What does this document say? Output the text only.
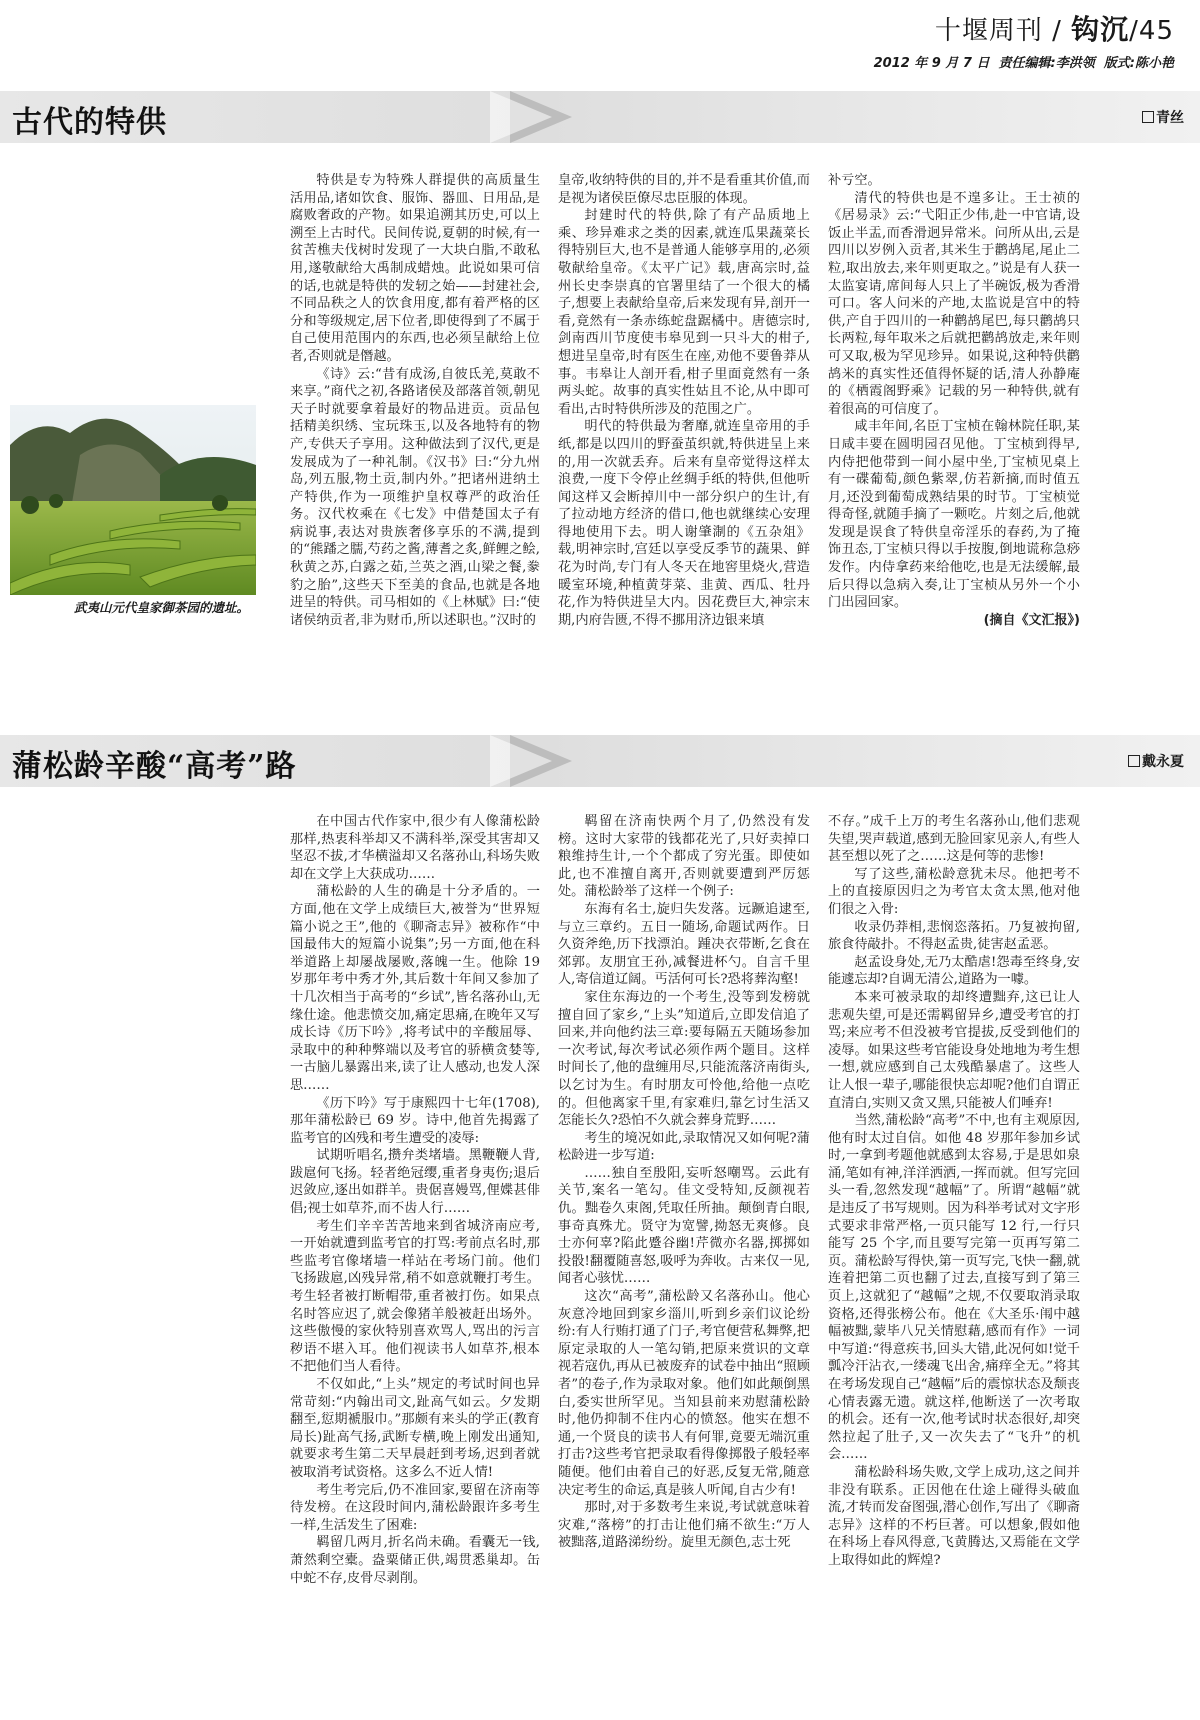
十堰周刊 / 钩沉/45
2012 年 9 月 7 日 责任编辑:李洪领 版式:陈小艳
古代的特供	青丝
武夷山元代皇家御茶园的遗址。

特供是专为特殊人群提供的高质量生活用品,诸如饮食、服饰、器皿、日用品,是腐败奢政的产物。如果追溯其历史,可以上溯至上古时代。民间传说,夏朝的时候,有一贫苦樵夫伐树时发现了一大块白脂,不敢私用,遂敬献给大禹制成蜡烛。此说如果可信的话,也就是特供的发轫之始——封建社会,不同品秩之人的饮食用度,都有着严格的区分和等级规定,居下位者,即使得到了不属于自己使用范围内的东西,也必须呈献给上位者,否则就是僭越。

《诗》云:“昔有成汤,自彼氐羌,莫敢不来享。”商代之初,各路诸侯及部落首领,朝见天子时就要拿着最好的物品进贡。贡品包括精美织绣、宝玩珠玉,以及各地特有的物产,专供天子享用。这种做法到了汉代,更是发展成为了一种礼制。《汉书》曰:“分九州岛,列五服,物土贡,制内外。”把诸州进纳土产特供,作为一项维护皇权尊严的政治任务。汉代枚乘在《七发》中借楚国太子有病说事,表达对贵族奢侈享乐的不满,提到的“熊蹯之臑,芍药之酱,薄耆之炙,鲜鲤之鲙,秋黄之苏,白露之茹,兰英之酒,山梁之餐,豢豹之胎”,这些天下至美的食品,也就是各地进呈的特供。司马相如的《上林赋》曰:“使诸侯纳贡者,非为财币,所以述职也。”汉时的

皇帝,收纳特供的目的,并不是看重其价值,而是视为诸侯臣僚尽忠臣服的体现。

封建时代的特供,除了有产品质地上乘、珍异难求之类的因素,就连瓜果蔬菜长得特别巨大,也不是普通人能够享用的,必须敬献给皇帝。《太平广记》载,唐高宗时,益州长史李崇真的官署里结了一个很大的橘子,想要上表献给皇帝,后来发现有异,剖开一看,竟然有一条赤练蛇盘踞橘中。唐德宗时,剑南西川节度使韦皋见到一只斗大的柑子,想进呈皇帝,时有医生在座,劝他不要鲁莽从事。韦皋让人剖开看,柑子里面竟然有一条两头蛇。故事的真实性姑且不论,从中即可看出,古时特供所涉及的范围之广。

明代的特供最为奢靡,就连皇帝用的手纸,都是以四川的野蚕茧织就,特供进呈上来的,用一次就丢弃。后来有皇帝觉得这样太浪费,一度下令停止丝绸手纸的特供,但他听闻这样又会断掉川中一部分织户的生计,有了拉动地方经济的借口,他也就继续心安理得地使用下去。明人谢肇淛的《五杂俎》载,明神宗时,宫廷以享受反季节的蔬果、鲜花为时尚,专门有人冬天在地窖里烧火,营造暖室环境,种植黄芽菜、韭黄、西瓜、牡丹花,作为特供进呈大内。因花费巨大,神宗末期,内府告匮,不得不挪用济边银来填

补亏空。

清代的特供也是不遑多让。王士祯的《居易录》云:“弋阳正少伟,赴一中官请,设饭止半盂,而香滑迥异常米。问所从出,云是四川以岁例入贡者,其米生于鹳鸪尾,尾止二粒,取出放去,来年则更取之。”说是有人获一太监宴请,席间每人只上了半碗饭,极为香滑可口。客人问米的产地,太监说是宫中的特供,产自于四川的一种鹳鸪尾巴,每只鹳鸪只长两粒,每年取米之后就把鹳鸪放走,来年则可又取,极为罕见珍异。如果说,这种特供鹳鸪米的真实性还值得怀疑的话,清人孙静庵的《栖霞阁野乘》记载的另一种特供,就有着很高的可信度了。

咸丰年间,名臣丁宝桢在翰林院任职,某日咸丰要在圆明园召见他。丁宝桢到得早,内侍把他带到一间小屋中坐,丁宝桢见桌上有一碟葡萄,颜色紫翠,仿若新摘,而时值五月,还没到葡萄成熟结果的时节。丁宝桢觉得奇怪,就随手摘了一颗吃。片刻之后,他就发现是误食了特供皇帝淫乐的春药,为了掩饰丑态,丁宝桢只得以手按腹,倒地谎称急痧发作。内侍拿药来给他吃,也是无法缓解,最后只得以急病入奏,让丁宝桢从另外一个小门出园回家。

(摘自《文汇报》)

蒲松龄辛酸“高考”路	戴永夏

在中国古代作家中,很少有人像蒲松龄那样,热衷科举却又不满科举,深受其害却又坚忍不拔,才华横溢却又名落孙山,科场失败却在文学上大获成功……

蒲松龄的人生的确是十分矛盾的。一方面,他在文学上成绩巨大,被誉为“世界短篇小说之王”,他的《聊斋志异》被称作“中国最伟大的短篇小说集”;另一方面,他在科举道路上却屡战屡败,落魄一生。他除 19 岁那年考中秀才外,其后数十年间又参加了十几次相当于高考的“乡试”,皆名落孙山,无缘仕途。他悲愤交加,痛定思痛,在晚年又写成长诗《历下吟》,将考试中的辛酸屈辱、录取中的种种弊端以及考官的骄横贪婪等,一古脑儿暴露出来,读了让人感动,也发人深思……

《历下吟》写于康熙四十七年(1708),那年蒲松龄已 69 岁。诗中,他首先揭露了监考官的凶残和考生遭受的凌辱:

试期听唱名,攒弁类堵墙。黑鞭鞭人背,跋扈何飞扬。轻者绝冠缨,重者身夷伤;退后迟敛应,逐出如群羊。贵倨喜嫚骂,俚媟甚俳倡;视士如草芥,而不齿人行……

考生们辛辛苦苦地来到省城济南应考,一开始就遭到监考官的打骂:考前点名时,那些监考官像堵墙一样站在考场门前。他们飞扬跋扈,凶残异常,稍不如意就鞭打考生。考生轻者被打断帽带,重者被打伤。如果点名时答应迟了,就会像猪羊般被赶出场外。这些傲慢的家伙特别喜欢骂人,骂出的污言秽语不堪入耳。他们视读书人如草芥,根本不把他们当人看待。

不仅如此,“上头”规定的考试时间也异常苛刻:“内翰出司文,趾高气如云。夕发期翻至,愆期褫服巾。”那颇有来头的学正(教育局长)趾高气扬,武断专横,晚上刚发出通知,就要求考生第二天早晨赶到考场,迟到者就被取消考试资格。这多么不近人情!

考生考完后,仍不准回家,要留在济南等待发榜。在这段时间内,蒲松龄跟许多考生一样,生活发生了困难:

羁留几两月,折名尚未确。看囊无一钱,萧然剩空橐。盎粟储正供,竭贯悉巢却。缶中蛇不存,皮骨尽剥削。

羁留在济南快两个月了,仍然没有发榜。这时大家带的钱都花光了,只好卖掉口粮维持生计,一个个都成了穷光蛋。即使如此,也不准擅自离开,否则就要遭到严厉惩处。蒲松龄举了这样一个例子:

东海有名士,旋归失发落。远蹶追逮至,与立三章约。五日一随场,命题试两作。日久资斧绝,历下找漂泊。踵决衣带断,乞食在郊郭。友朋宜王孙,减餐进杯勺。自言千里人,寄信道辽阔。丐活何可长?恐将葬沟壑!

家住东海边的一个考生,没等到发榜就擅自回了家乡,“上头”知道后,立即发信追了回来,并向他约法三章:要每隔五天随场参加一次考试,每次考试必须作两个题目。这样时间长了,他的盘缠用尽,只能流落济南街头,以乞讨为生。有时朋友可怜他,给他一点吃的。但他离家千里,有家难归,靠乞讨生活又怎能长久?恐怕不久就会葬身荒野……

考生的境况如此,录取情况又如何呢?蒲松龄进一步写道:

……独自至殷阳,妄听怒嘲骂。云此有关节,案名一笔勾。佳文受特知,反颜视若仇。黜卷久束阁,凭取任所抽。颠倒青白眼,事奇真殊尤。贤守为宽譬,拗怒无爽修。良士亦何辜?陷此蹙谷幽!芹微亦名器,掷掷如投骰!翻覆随喜怒,吸呼为奔收。古来仅一见,闻者心骇忧……

这次“高考”,蒲松龄又名落孙山。他心灰意冷地回到家乡淄川,听到乡亲们议论纷纷:有人行贿打通了门子,考官便营私舞弊,把原定录取的人一笔勾销,把原来赏识的文章视若寇仇,再从已被废弃的试卷中抽出“照顾者”的卷子,作为录取对象。他们如此颠倒黑白,委实世所罕见。当知县前来劝慰蒲松龄时,他仍抑制不住内心的愤怒。他实在想不通,一个贤良的读书人有何罪,竟要无端沉重打击?这些考官把录取看得像掷骰子般轻率随便。他们由着自己的好恶,反复无常,随意决定考生的命运,真是骇人听闻,自古少有!

那时,对于多数考生来说,考试就意味着灾难,“落榜”的打击让他们痛不欲生:“万人被黜落,道路涕纷纷。旋里无颜色,志士死

不存。”成千上万的考生名落孙山,他们悲观失望,哭声载道,感到无脸回家见亲人,有些人甚至想以死了之……这是何等的悲惨!

写了这些,蒲松龄意犹未尽。他把考不上的直接原因归之为考官太贪太黑,他对他们很之入骨:

收录仍莽相,悲悯恣落拓。乃复被拘留,旅食待敲扑。不得赵孟贵,徒害赵孟恶。

赵孟设身处,无乃太酷虐!怨毒至终身,安能遽忘却?自调无清公,道路为一噱。

本来可被录取的却终遭黜弃,这已让人悲观失望,可是还需羁留异乡,遭受考官的打骂;来应考不但没被考官提拔,反受到他们的凌辱。如果这些考官能设身处地地为考生想一想,就应感到自己太残酷暴虐了。这些人让人恨一辈子,哪能很快忘却呢?他们自谓正直清白,实则又贪又黑,只能被人们唾弃!

当然,蒲松龄“高考”不中,也有主观原因,他有时太过自信。如他 48 岁那年参加乡试时,一拿到考题他就感到太容易,于是思如泉涌,笔如有神,洋洋洒洒,一挥而就。但写完回头一看,忽然发现“越幅”了。所谓“越幅”就是违反了书写规则。因为科举考试对文字形式要求非常严格,一页只能写 12 行,一行只能写 25 个字,而且要写完第一页再写第二页。蒲松龄写得快,第一页写完,飞快一翻,就连着把第二页也翻了过去,直接写到了第三页上,这就犯了“越幅”之规,不仅要取消录取资格,还得张榜公布。他在《大圣乐·闱中越幅被黜,蒙毕八兄关情慰藉,感而有作》一词中写道:“得意疾书,回头大错,此况何如!觉千瓢冷汗沾衣,一缕魂飞出舍,痛痒全无。”将其在考场发现自己“越幅”后的震惊状态及颓丧心情表露无遗。就这样,他断送了一次考取的机会。还有一次,他考试时状态很好,却突然拉起了肚子,又一次失去了“飞升”的机会……

蒲松龄科场失败,文学上成功,这之间并非没有联系。正因他在仕途上碰得头破血流,才转而发奋图强,潜心创作,写出了《聊斋志异》这样的不朽巨著。可以想象,假如他在科场上春风得意,飞黄腾达,又焉能在文学上取得如此的辉煌?
